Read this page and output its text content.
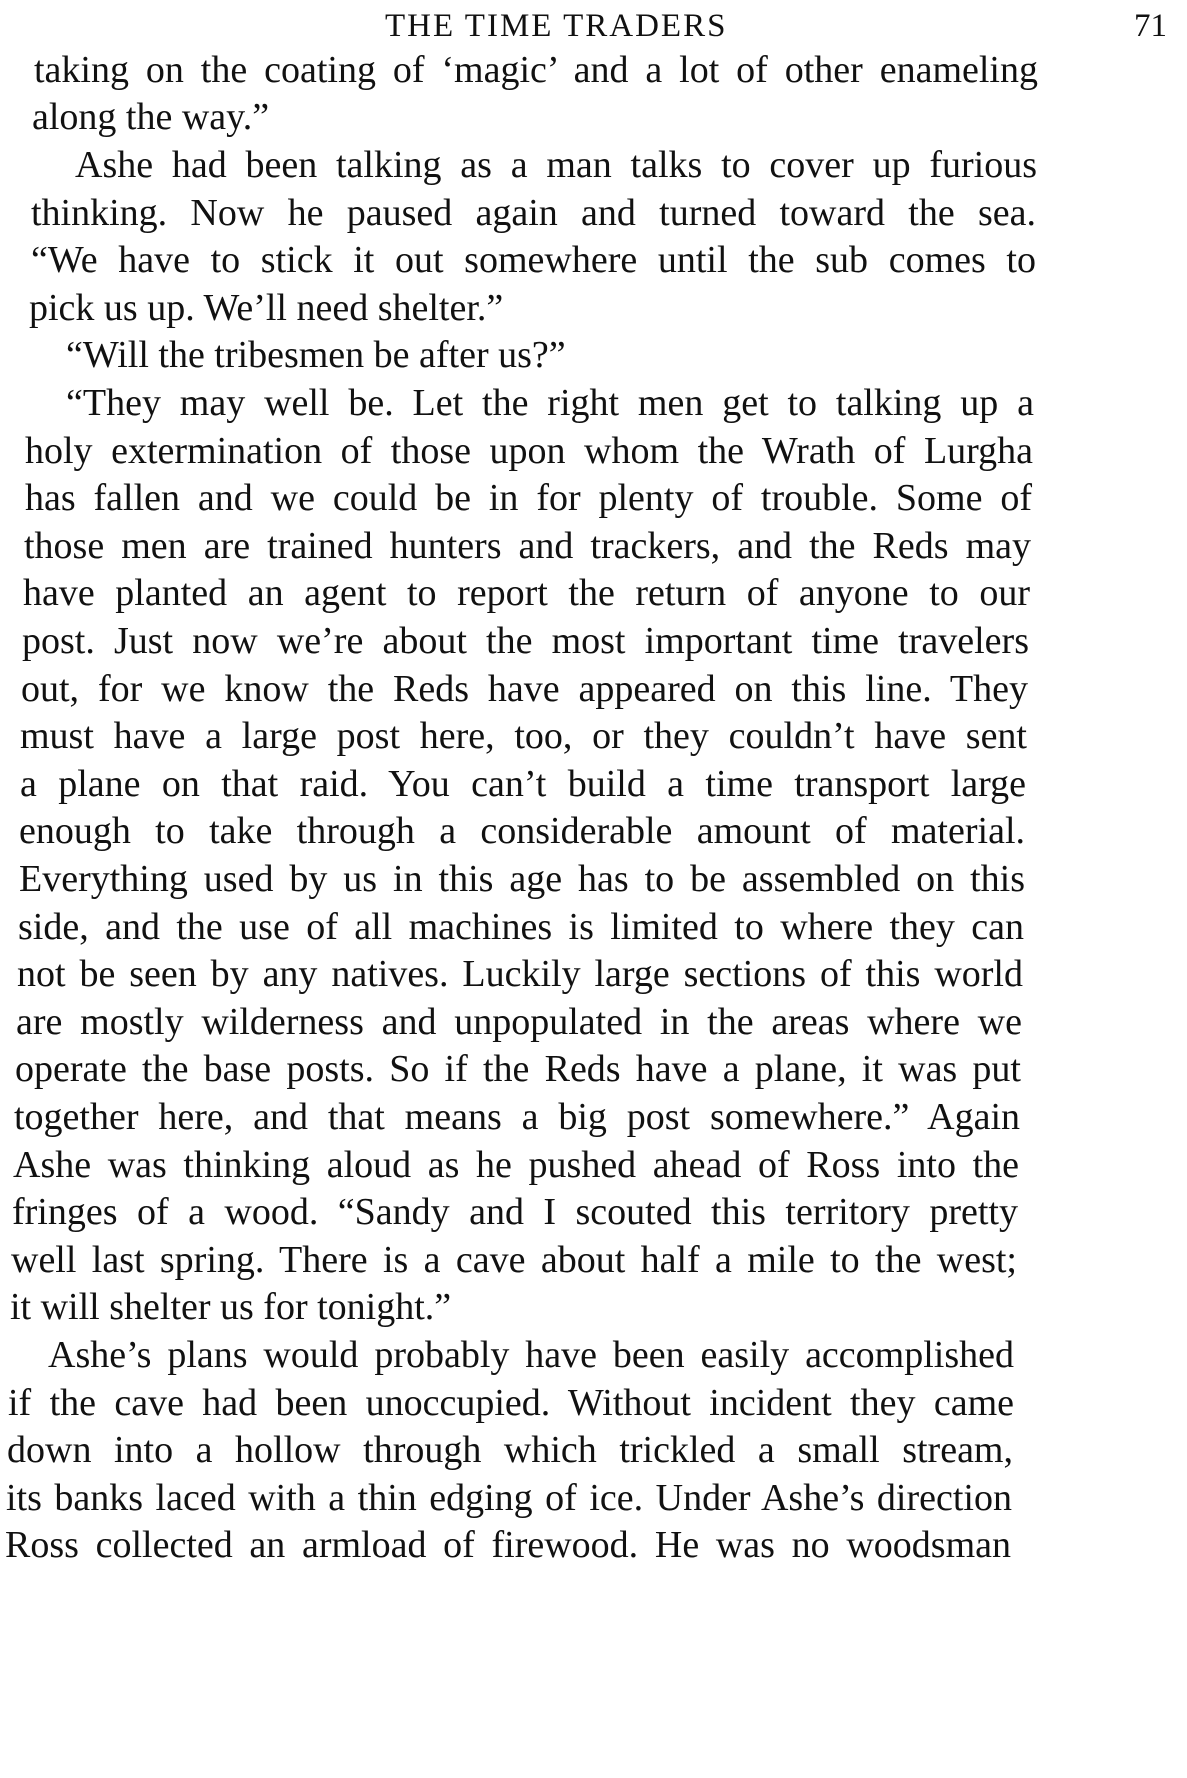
THE TIME TRADERS	71
taking on the coating of ‘magic’ and a lot of other enameling
along the way.”
Ashe had been talking as a man talks to cover up furious
thinking. Now he paused again and turned toward the sea.
“We have to stick it out somewhere until the sub comes to
pick us up. We’ll need shelter.”
“Will the tribesmen be after us?”
“They may well be. Let the right men get to talking up a
holy extermination of those upon whom the Wrath of Lurgha
has fallen and we could be in for plenty of trouble. Some of
those men are trained hunters and trackers, and the Reds may
have planted an agent to report the return of anyone to our
post. Just now we’re about the most important time travelers
out, for we know the Reds have appeared on this line. They
must have a large post here, too, or they couldn’t have sent
a plane on that raid. You can’t build a time transport large
enough to take through a considerable amount of material.
Everything used by us in this age has to be assembled on this
side, and the use of all machines is limited to where they can
not be seen by any natives. Luckily large sections of this world
are mostly wilderness and unpopulated in the areas where we
operate the base posts. So if the Reds have a plane, it was put
together here, and that means a big post somewhere.” Again
Ashe was thinking aloud as he pushed ahead of Ross into the
fringes of a wood. “Sandy and I scouted this territory pretty
well last spring. There is a cave about half a mile to the west;
it will shelter us for tonight.”
Ashe’s plans would probably have been easily accomplished
if the cave had been unoccupied. Without incident they came
down into a hollow through which trickled a small stream,
its banks laced with a thin edging of ice. Under Ashe’s direction
Ross collected an armload of firewood. He was no woodsman
